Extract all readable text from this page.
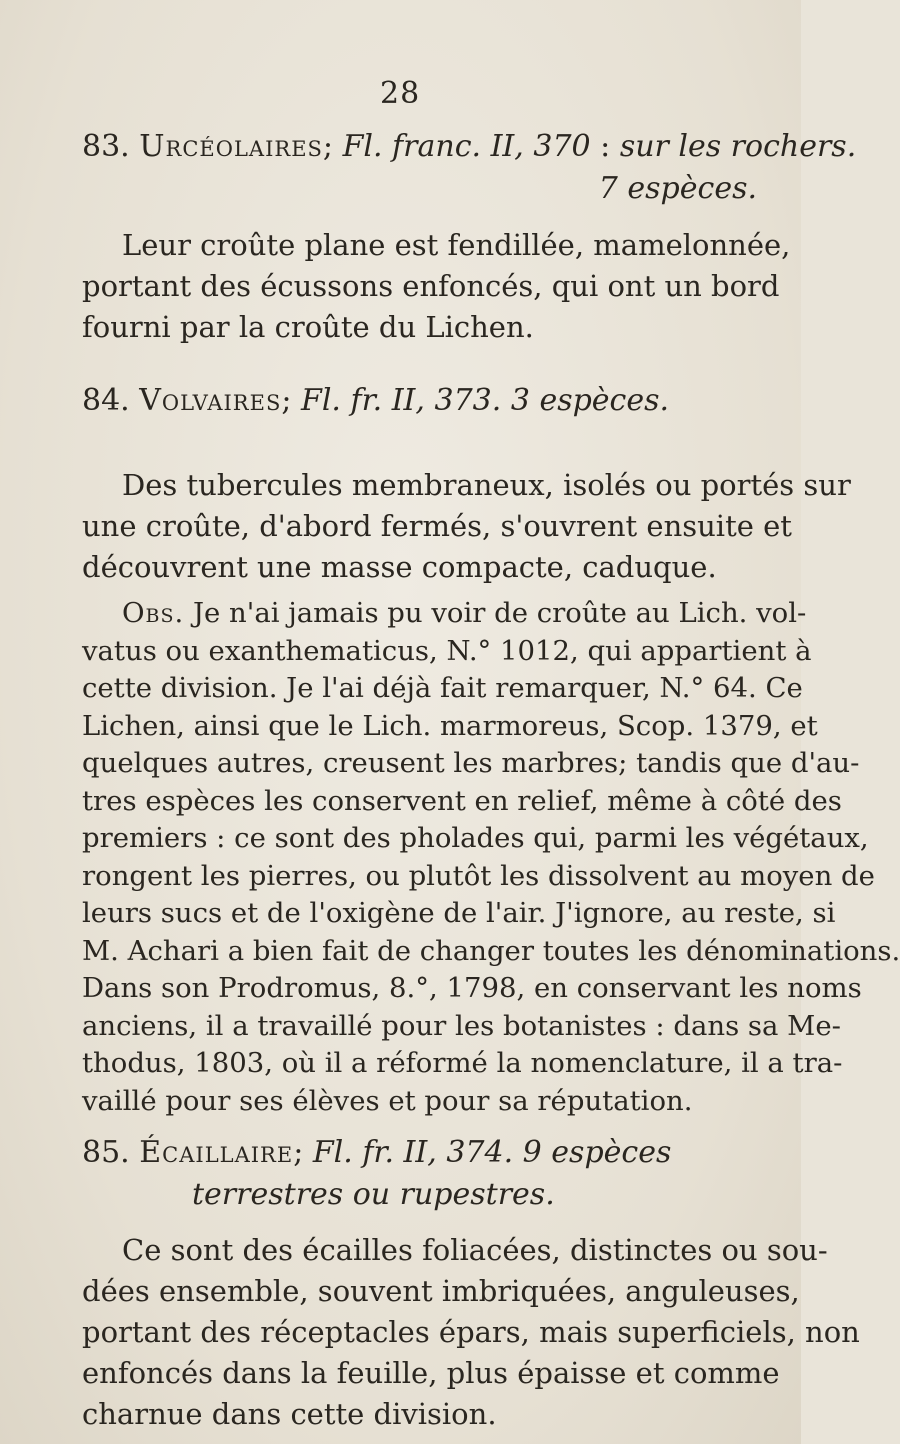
28
83. Urcéolaires; Fl. franc. II, 370 : sur les rochers.
7 espèces.
Leur croûte plane est fendillée, mamelonnée,
portant des écussons enfoncés, qui ont un bord
fourni par la croûte du Lichen.
84. Volvaires; Fl. fr. II, 373. 3 espèces.
Des tubercules membraneux, isolés ou portés sur
une croûte, d'abord fermés, s'ouvrent ensuite et
découvrent une masse compacte, caduque.
Obs. Je n'ai jamais pu voir de croûte au Lich. vol-
vatus ou exanthematicus, N.° 1012, qui appartient à
cette division. Je l'ai déjà fait remarquer, N.° 64. Ce
Lichen, ainsi que le Lich. marmoreus, Scop. 1379, et
quelques autres, creusent les marbres; tandis que d'au-
tres espèces les conservent en relief, même à côté des
premiers : ce sont des pholades qui, parmi les végétaux,
rongent les pierres, ou plutôt les dissolvent au moyen de
leurs sucs et de l'oxigène de l'air. J'ignore, au reste, si
M. Achari a bien fait de changer toutes les dénominations.
Dans son Prodromus, 8.°, 1798, en conservant les noms
anciens, il a travaillé pour les botanistes : dans sa Me-
thodus, 1803, où il a réformé la nomenclature, il a tra-
vaillé pour ses élèves et pour sa réputation.
85. Écaillaire; Fl. fr. II, 374. 9 espèces
terrestres ou rupestres.
Ce sont des écailles foliacées, distinctes ou sou-
dées ensemble, souvent imbriquées, anguleuses,
portant des réceptacles épars, mais superficiels, non
enfoncés dans la feuille, plus épaisse et comme
charnue dans cette division.
